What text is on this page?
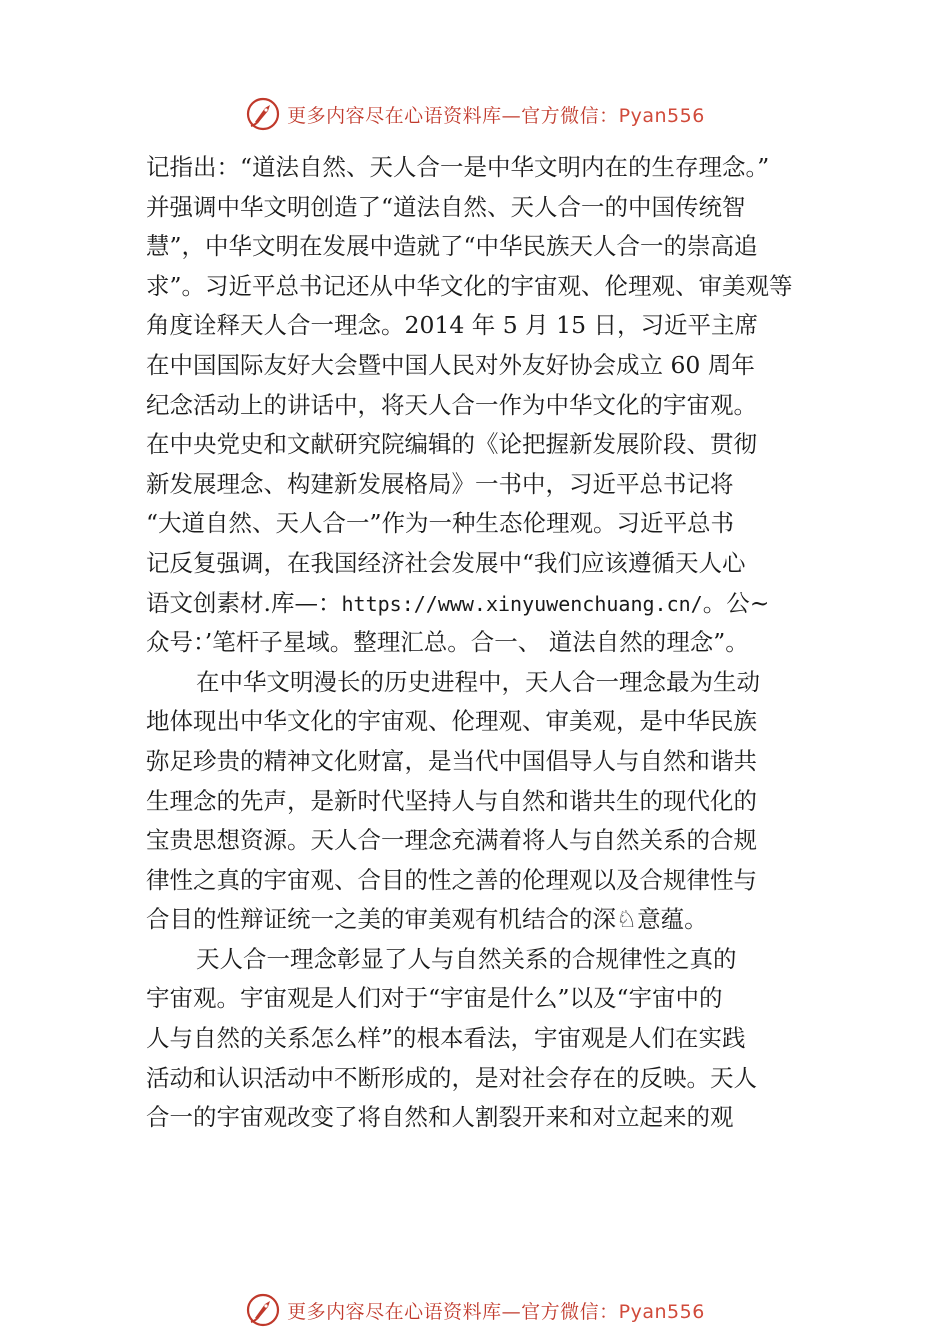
更多内容尽在心语资料库—官方微信：Pyan556
记指出：“道法自然、天人合一是中华文明内在的生存理念。”
并强调中华文明创造了“道法自然、天人合一的中国传统智
慧”，中华文明在发展中造就了“中华民族天人合一的崇高追
求”。习近平总书记还从中华文化的宇宙观、伦理观、审美观等
角度诠释天人合一理念。2014 年 5 月 15 日，习近平主席
在中国国际友好大会暨中国人民对外友好协会成立 60 周年
纪念活动上的讲话中，将天人合一作为中华文化的宇宙观。
在中央党史和文献研究院编辑的《论把握新发展阶段、贯彻
新发展理念、构建新发展格局》一书中，习近平总书记将
“大道自然、天人合一”作为一种生态伦理观。习近平总书
记反复强调，在我国经济社会发展中“我们应该遵循天人心
语文创素材.库—：https://www.xinyuwenchuang.cn/。公~
众号：’笔杆子星域。整理汇总。合一、 道法自然的理念”。
在中华文明漫长的历史进程中，天人合一理念最为生动
地体现出中华文化的宇宙观、伦理观、审美观，是中华民族
弥足珍贵的精神文化财富，是当代中国倡导人与自然和谐共
生理念的先声，是新时代坚持人与自然和谐共生的现代化的
宝贵思想资源。天人合一理念充满着将人与自然关系的合规
律性之真的宇宙观、合目的性之善的伦理观以及合规律性与
合目的性辩证统一之美的审美观有机结合的深♘意蕴。
天人合一理念彰显了人与自然关系的合规律性之真的
宇宙观。宇宙观是人们对于“宇宙是什么”以及“宇宙中的
人与自然的关系怎么样”的根本看法，宇宙观是人们在实践
活动和认识活动中不断形成的，是对社会存在的反映。天人
合一的宇宙观改变了将自然和人割裂开来和对立起来的观
更多内容尽在心语资料库—官方微信：Pyan556
